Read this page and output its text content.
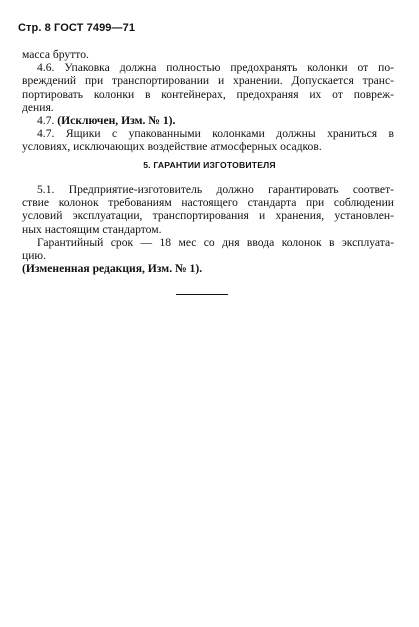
Стр. 8 ГОСТ 7499—71
масса брутто.
4.6. Упаковка должна полностью предохранять колонки от по-
вреждений при транспортировании и хранении. Допускается транс-
портировать колонки в контейнерах, предохраняя их от повреж-
дения.
4.7. (Исключен, Изм. № 1).
4.7. Ящики с упакованными колонками должны храниться в
условиях, исключающих воздействие атмосферных осадков.
5. ГАРАНТИИ ИЗГОТОВИТЕЛЯ
5.1. Предприятие-изготовитель должно гарантировать соответ-
ствие колонок требованиям настоящего стандарта при соблюдении
условий эксплуатации, транспортирования и хранения, установлен-
ных настоящим стандартом.
Гарантийный срок — 18 мес со дня ввода колонок в эксплуата-
цию.
(Измененная редакция, Изм. № 1).
